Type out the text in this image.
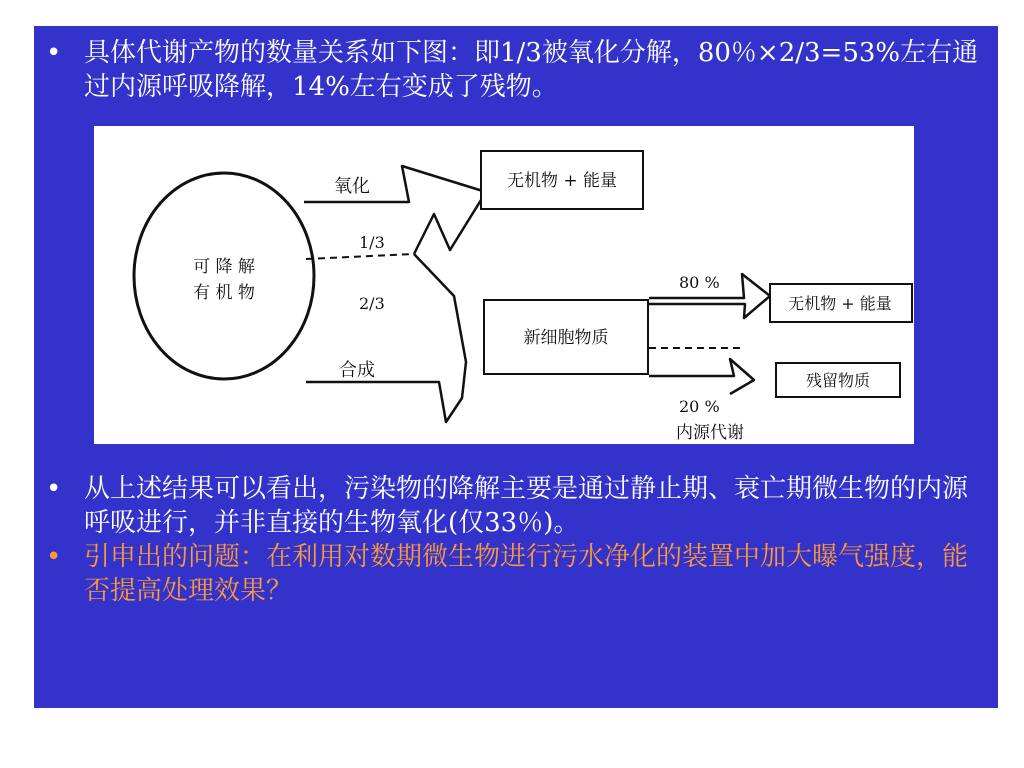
• 具体代谢产物的数量关系如下图：即1/3被氧化分解，80％×2/3=53%左右通过内源呼吸降解，14%左右变成了残物。
可 降 解
有 机 物
氧化
1/3
2/3
合成
无机物 + 能量
新细胞物质
80 %
20 %
内源代谢
无机物 + 能量
残留物质
• 从上述结果可以看出，污染物的降解主要是通过静止期、衰亡期微生物的内源呼吸进行，并非直接的生物氧化(仅33％)。
• 引申出的问题：在利用对数期微生物进行污水净化的装置中加大曝气强度，能否提高处理效果？
